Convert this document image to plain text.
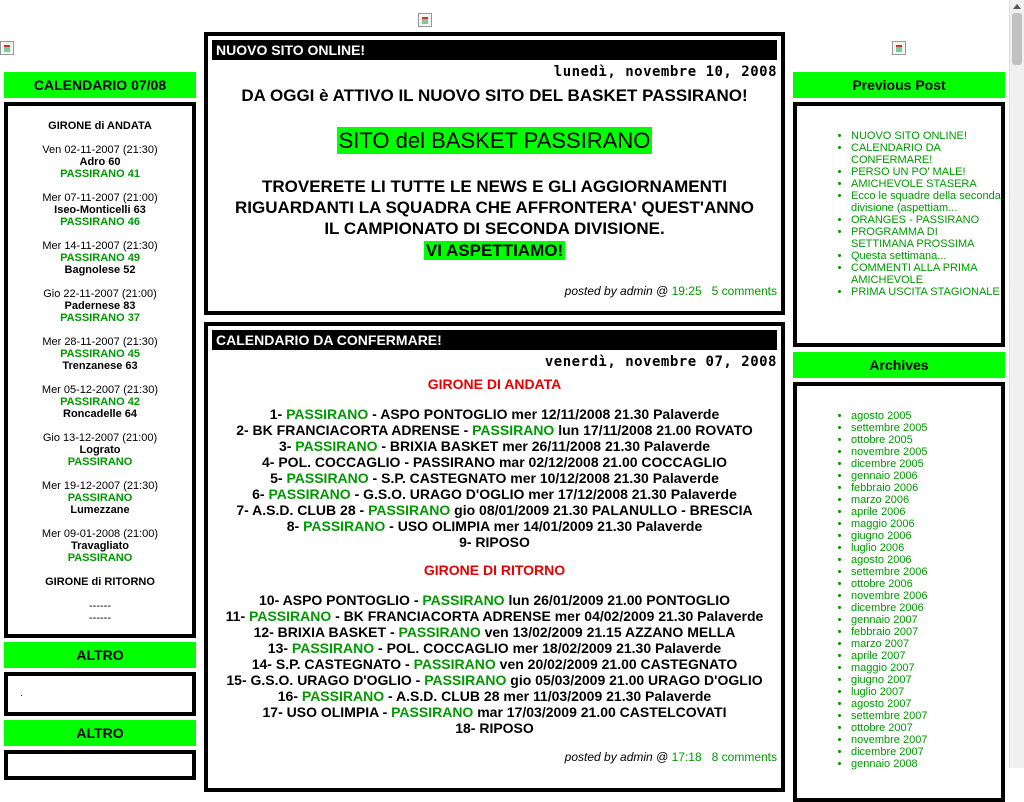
CALENDARIO 07/08
GIRONE di ANDATA
Ven 02-11-2007 (21:30)
Adro 60
PASSIRANO 41
Mer 07-11-2007 (21:00)
Iseo-Monticelli 63
PASSIRANO 46
Mer 14-11-2007 (21:30)
PASSIRANO 49
Bagnolese 52
Gio 22-11-2007 (21:00)
Padernese 83
PASSIRANO 37
Mer 28-11-2007 (21:30)
PASSIRANO 45
Trenzanese 63
Mer 05-12-2007 (21:30)
PASSIRANO 42
Roncadelle 64
Gio 13-12-2007 (21:00)
Lograto
PASSIRANO
Mer 19-12-2007 (21:30)
PASSIRANO
Lumezzane
Mer 09-01-2008 (21:00)
Travagliato
PASSIRANO
GIRONE di RITORNO
------
------
ALTRO
.
ALTRO
NUOVO SITO ONLINE!
lunedì, novembre 10, 2008
DA OGGI è ATTIVO IL NUOVO SITO DEL BASKET PASSIRANO!
SITO del BASKET PASSIRANO
TROVERETE LI TUTTE LE NEWS E GLI AGGIORNAMENTI
RIGUARDANTI LA SQUADRA CHE AFFRONTERA' QUEST'ANNO
IL CAMPIONATO DI SECONDA DIVISIONE.
VI ASPETTIAMO!
posted by admin @ 19:25 5 comments
CALENDARIO DA CONFERMARE!
venerdì, novembre 07, 2008
GIRONE DI ANDATA
1- PASSIRANO - ASPO PONTOGLIO mer 12/11/2008 21.30 Palaverde
2- BK FRANCIACORTA ADRENSE - PASSIRANO lun 17/11/2008 21.00 ROVATO
3- PASSIRANO - BRIXIA BASKET mer 26/11/2008 21.30 Palaverde
4- POL. COCCAGLIO - PASSIRANO mar 02/12/2008 21.00 COCCAGLIO
5- PASSIRANO - S.P. CASTEGNATO mer 10/12/2008 21.30 Palaverde
6- PASSIRANO - G.S.O. URAGO D'OGLIO mer 17/12/2008 21.30 Palaverde
7- A.S.D. CLUB 28 - PASSIRANO gio 08/01/2009 21.30 PALANULLO - BRESCIA
8- PASSIRANO - USO OLIMPIA mer 14/01/2009 21.30 Palaverde
9- RIPOSO
GIRONE DI RITORNO
10- ASPO PONTOGLIO - PASSIRANO lun 26/01/2009 21.00 PONTOGLIO
11- PASSIRANO - BK FRANCIACORTA ADRENSE mer 04/02/2009 21.30 Palaverde
12- BRIXIA BASKET - PASSIRANO ven 13/02/2009 21.15 AZZANO MELLA
13- PASSIRANO - POL. COCCAGLIO mer 18/02/2009 21.30 Palaverde
14- S.P. CASTEGNATO - PASSIRANO ven 20/02/2009 21.00 CASTEGNATO
15- G.S.O. URAGO D'OGLIO - PASSIRANO gio 05/03/2009 21.00 URAGO D'OGLIO
16- PASSIRANO - A.S.D. CLUB 28 mer 11/03/2009 21.30 Palaverde
17- USO OLIMPIA - PASSIRANO mar 17/03/2009 21.00 CASTELCOVATI
18- RIPOSO
posted by admin @ 17:18 8 comments
Previous Post
• NUOVO SITO ONLINE!
• CALENDARIO DA CONFERMARE!
• PERSO UN PO' MALE!
• AMICHEVOLE STASERA
• Ecco le squadre della seconda divisione (aspettiam...
• ORANGES - PASSIRANO
• PROGRAMMA DI SETTIMANA PROSSIMA
• Questa settimana...
• COMMENTI ALLA PRIMA AMICHEVOLE
• PRIMA USCITA STAGIONALE
Archives
• agosto 2005
• settembre 2005
• ottobre 2005
• novembre 2005
• dicembre 2005
• gennaio 2006
• febbraio 2006
• marzo 2006
• aprile 2006
• maggio 2006
• giugno 2006
• luglio 2006
• agosto 2006
• settembre 2006
• ottobre 2006
• novembre 2006
• dicembre 2006
• gennaio 2007
• febbraio 2007
• marzo 2007
• aprile 2007
• maggio 2007
• giugno 2007
• luglio 2007
• agosto 2007
• settembre 2007
• ottobre 2007
• novembre 2007
• dicembre 2007
• gennaio 2008
